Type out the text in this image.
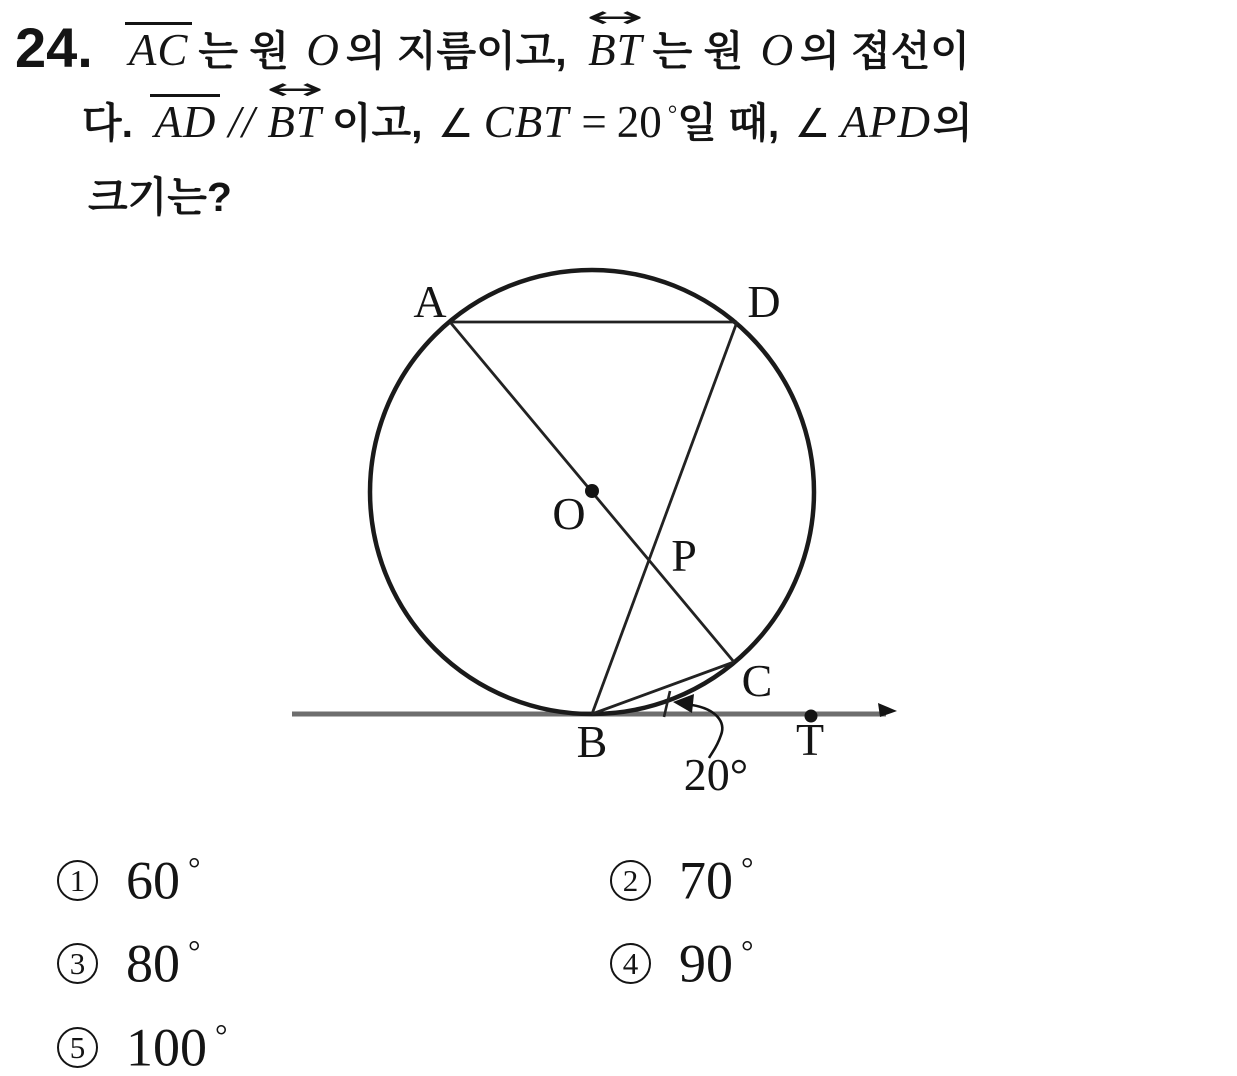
24. AC 는 원 O 의 지름이고,
↔
BT 는 원 O 의 접선이
다. AD //
↔
BT 이고, ∠ CBT = 20 °일 때, ∠ APD의
크기는?
A	D
O
P
B
C
T
20°
1 60 °	2 70 °
3 80 °	4 90 °
5 100 °
